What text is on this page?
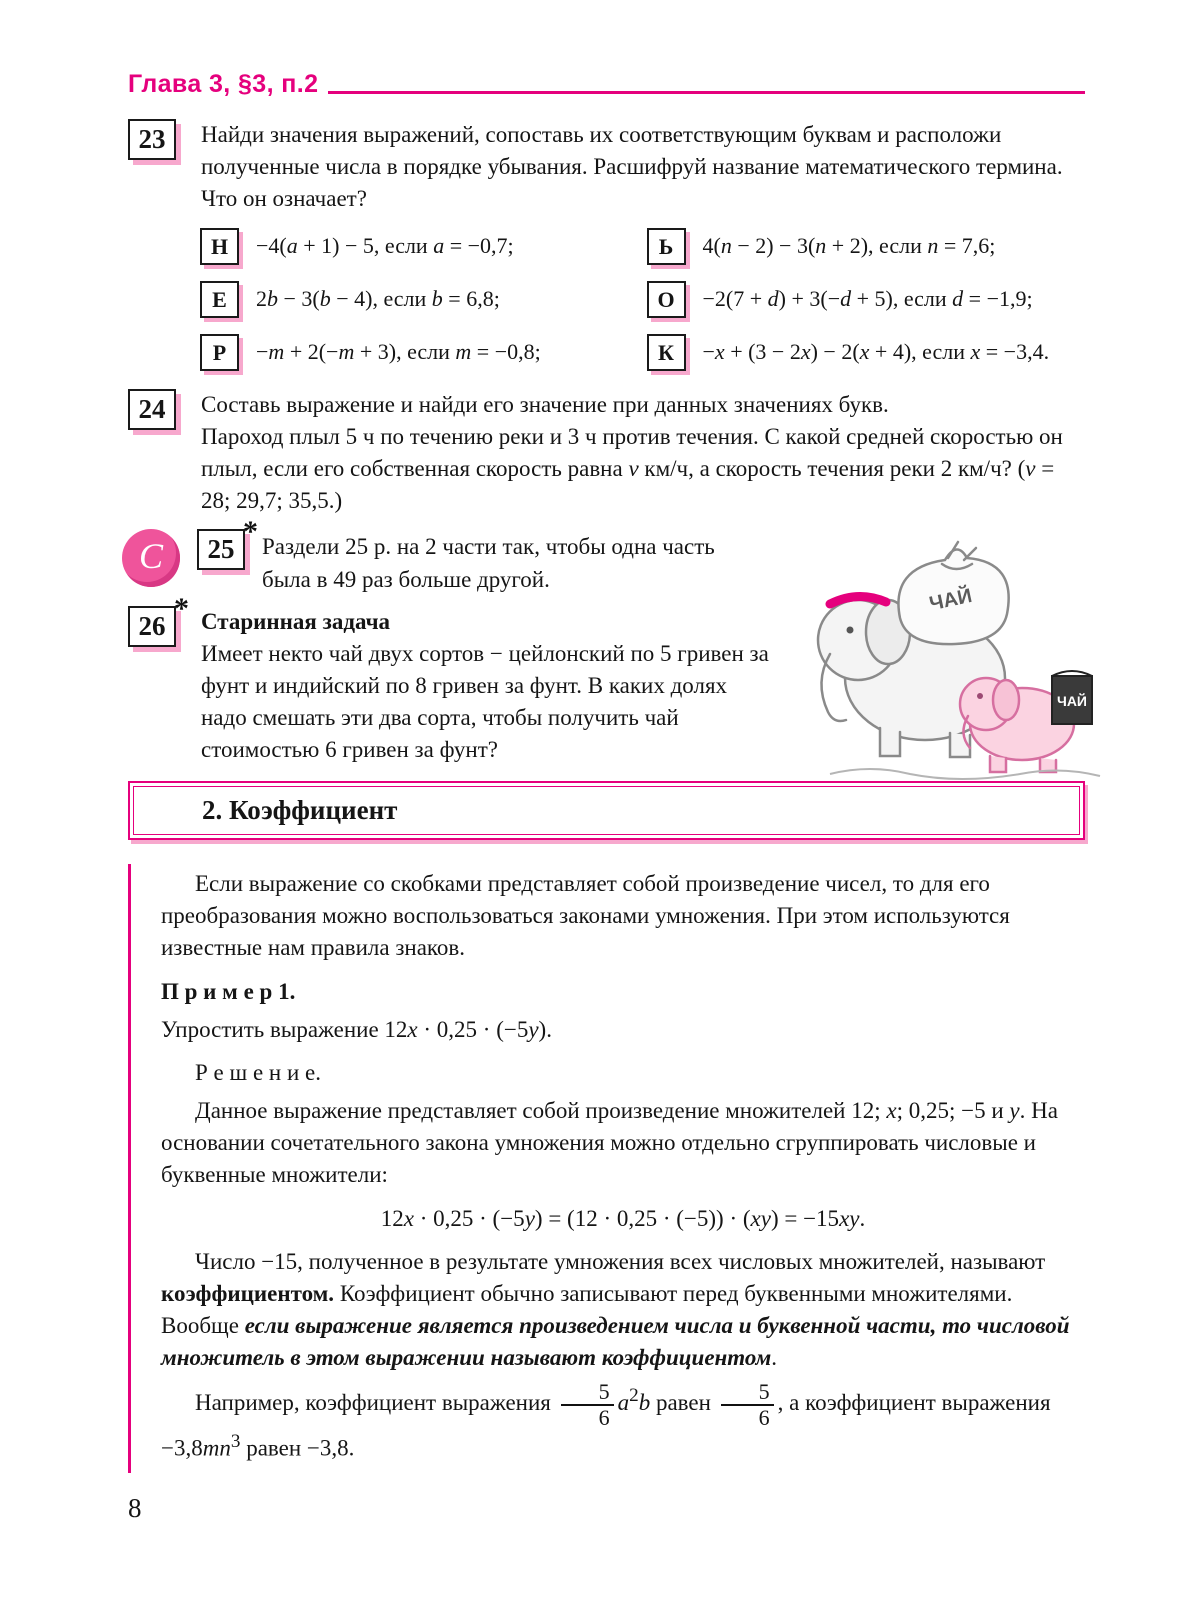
Глава 3, §3, п.2
23	Найди значения выражений, сопоставь их соответствующим буквам и расположи полученные числа в порядке убывания. Расшифруй название математического термина. Что он означает?
Н	−4(a + 1) − 5, если a = −0,7;	Ь	4(n − 2) − 3(n + 2), если n = 7,6;
Е	2b − 3(b − 4), если b = 6,8;	О	−2(7 + d) + 3(−d + 5), если d = −1,9;
Р	−m + 2(−m + 3), если m = −0,8;	К	−x + (3 − 2x) − 2(x + 4), если x = −3,4.
24	Составь выражение и найди его значение при данных значениях букв.
Пароход плыл 5 ч по течению реки и 3 ч против течения. С какой средней скоростью он плыл, если его собственная скорость равна v км/ч, а скорость течения реки 2 км/ч? (v = 28; 29,7; 35,5.)
С	25
* Раздели 25 р. на 2 части так, чтобы одна часть была в 49 раз больше другой.
26
* Старинная задача
Имеет некто чай двух сортов − цейлонский по 5 гривен за фунт и индийский по 8 гривен за фунт. В каких долях надо смешать эти два сорта, чтобы получить чай стоимостью 6 гривен за фунт?
2. Коэффициент

Если выражение со скобками представляет собой произведение чисел, то для его преобразования можно воспользоваться законами умножения. При этом используются известные нам правила знаков.

П р и м е р 1.

Упростить выражение 12x · 0,25 · (−5y).

Р е ш е н и е.

Данное выражение представляет собой произведение множителей 12; x; 0,25; −5 и y. На основании сочетательного закона умножения можно отдельно сгруппировать числовые и буквенные множители:

12x · 0,25 · (−5y) = (12 · 0,25 · (−5)) · (xy) = −15xy.

Число −15, полученное в результате умножения всех числовых множителей, называют коэффициентом. Коэффициент обычно записывают перед буквенными множителями. Вообще если выражение является произведением числа и буквенной части, то числовой множитель в этом выражении называют коэффициентом.

Например, коэффициент выражения $\frac{5}{6} a^2b$ равен $\frac{5}{6}$ , а коэффициент выражения $-3,8mn^3$ равен −3,8.

8
ЧАЙ
ЧАЙ
